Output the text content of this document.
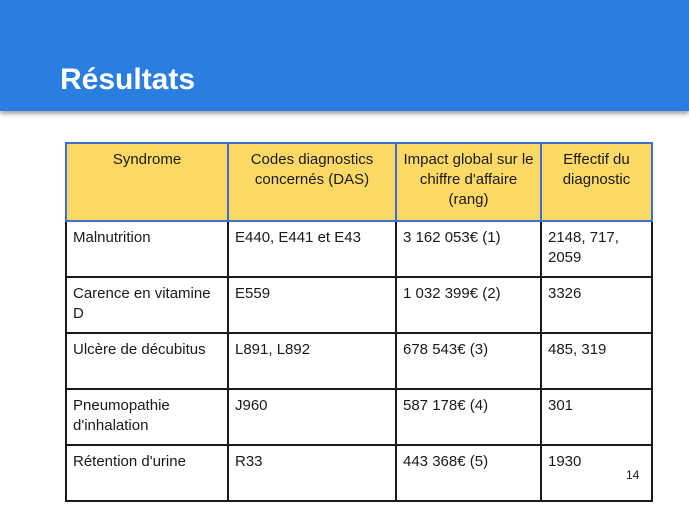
Résultats
Syndrome	Codes diagnostics concernés (DAS)	Impact global sur le chiffre d'affaire (rang)	Effectif du diagnostic
Malnutrition	E440, E441 et E43	3 162 053€ (1)	2148, 717, 2059
Carence en vitamine D	E559	1 032 399€ (2)	3326
Ulcère de décubitus	L891, L892	678 543€ (3)	485, 319
Pneumopathie d'inhalation	J960	587 178€ (4)	301
Rétention d'urine	R33	443 368€ (5)	1930
14
